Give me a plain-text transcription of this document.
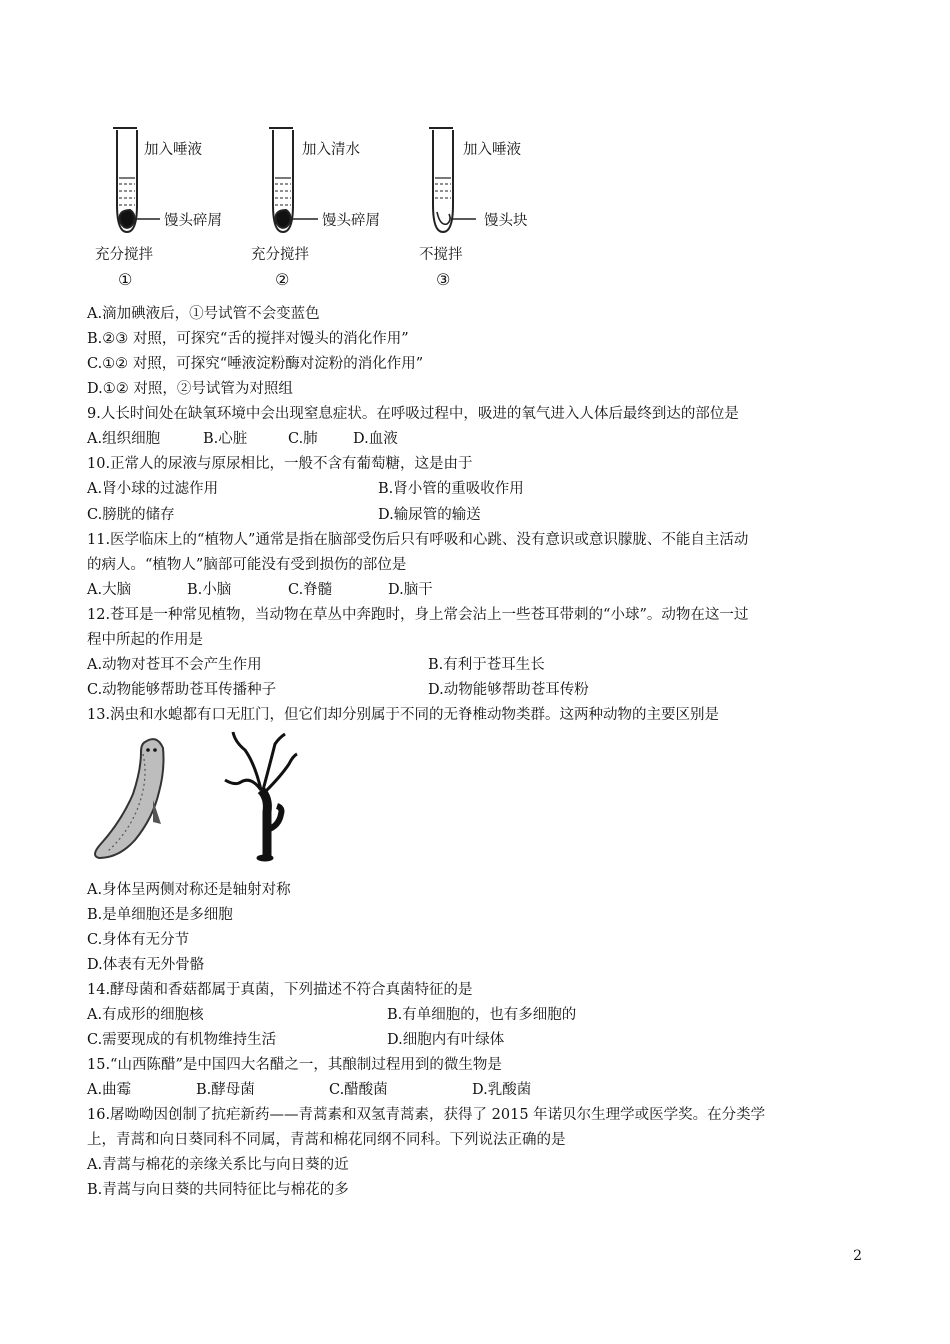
加入唾液
馒头碎屑
充分搅拌
①
加入清水
馒头碎屑
充分搅拌
②
加入唾液
馒头块
不搅拌
③
A.滴加碘液后，①号试管不会变蓝色
B.②③ 对照，可探究“舌的搅拌对馒头的消化作用”
C.①② 对照，可探究“唾液淀粉酶对淀粉的消化作用”
D.①② 对照，②号试管为对照组
9.人长时间处在缺氧环境中会出现窒息症状。在呼吸过程中，吸进的氧气进入人体后最终到达的部位是
A.组织细胞	B.心脏	C.肺 D.血液
10.正常人的尿液与原尿相比，一般不含有葡萄糖，这是由于
A.肾小球的过滤作用	B.肾小管的重吸收作用
C.膀胱的储存	D.输尿管的输送
11.医学临床上的“植物人”通常是指在脑部受伤后只有呼吸和心跳、没有意识或意识朦胧、不能自主活动
的病人。“植物人”脑部可能没有受到损伤的部位是
A.大脑	B.小脑	C.脊髓	D.脑干
12.苍耳是一种常见植物，当动物在草丛中奔跑时，身上常会沾上一些苍耳带刺的“小球”。动物在这一过
程中所起的作用是
A.动物对苍耳不会产生作用	B.有利于苍耳生长
C.动物能够帮助苍耳传播种子	D.动物能够帮助苍耳传粉
13.涡虫和水螅都有口无肛门，但它们却分别属于不同的无脊椎动物类群。这两种动物的主要区别是
A.身体呈两侧对称还是轴射对称
B.是单细胞还是多细胞
C.身体有无分节
D.体表有无外骨骼
14.酵母菌和香菇都属于真菌，下列描述不符合真菌特征的是
A.有成形的细胞核	B.有单细胞的，也有多细胞的
C.需要现成的有机物维持生活	D.细胞内有叶绿体
15.“山西陈醋”是中国四大名醋之一，其酿制过程用到的微生物是
A.曲霉	B.酵母菌	C.醋酸菌	D.乳酸菌
16.屠呦呦因创制了抗疟新药——青蒿素和双氢青蒿素，获得了 2015 年诺贝尔生理学或医学奖。在分类学
上，青蒿和向日葵同科不同属，青蒿和棉花同纲不同科。下列说法正确的是
A.青蒿与棉花的亲缘关系比与向日葵的近
B.青蒿与向日葵的共同特征比与棉花的多
2
